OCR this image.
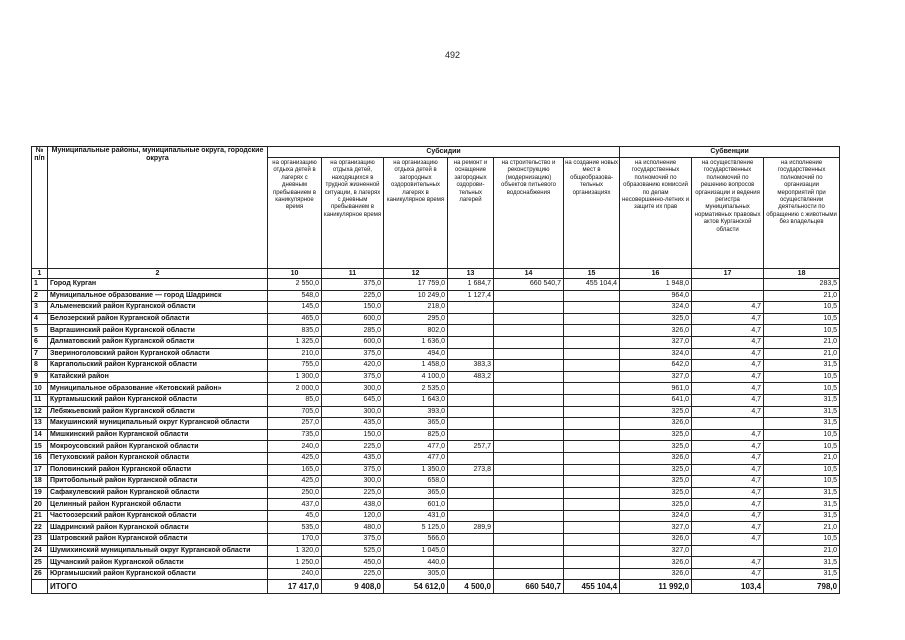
492
№ п/п	Муниципальные районы, муниципальные округа, городские округа	Субсидии						Субвенции		
		на организацию отдыха детей в лагерях с дневным пребыванием в каникулярное время	на организацию отдыха детей, находящихся в трудной жизненной ситуации, в лагерях с дневным пребыванием в каникулярное время	на организацию отдыха детей в загородных оздоровительных лагерях в каникулярное время	на ремонт и оснащение загородных оздорови-тельных лагерей	на строительство и реконструкцию (модернизацию) объектов питьевого водоснабжения	на создание новых мест в общеобразова-тельных организациях	на исполнение государственных полномочий по образованию комиссий по делам несовершенно-летних и защите их прав	на осуществление государственных полномочий по решению вопросов организации и ведения регистра муниципальных нормативных правовых актов Курганской области	на исполнение государственных полномочий по организации мероприятий при осуществлении деятельности по обращению с животными без владельцев
1	2	10	11	12	13	14	15	16	17	18
1	Город Курган	2 550,0	375,0	17 759,0	1 684,7	660 540,7	455 104,4	1 948,0		283,5
2	Муниципальное образование — город Шадринск	548,0	225,0	10 249,0	1 127,4			964,0		21,0
3	Альменевский район Курганской области	145,0	150,0	218,0				324,0	4,7	10,5
4	Белозерский район Курганской области	465,0	600,0	295,0				325,0	4,7	10,5
5	Варгашинский район Курганской области	835,0	285,0	802,0				326,0	4,7	10,5
6	Далматовский район Курганской области	1 325,0	600,0	1 636,0				327,0	4,7	21,0
7	Звериноголовский район Курганской области	210,0	375,0	494,0				324,0	4,7	21,0
8	Каргапольский район Курганской области	755,0	420,0	1 458,0	383,3			642,0	4,7	31,5
9	Катайский район	1 300,0	375,0	4 100,0	483,2			327,0	4,7	10,5
10	Муниципальное образование «Кетовский район»	2 000,0	300,0	2 535,0				961,0	4,7	10,5
11	Куртамышский район Курганской области	85,0	645,0	1 643,0				641,0	4,7	31,5
12	Лебяжьевский район Курганской области	705,0	300,0	393,0				325,0	4,7	31,5
13	Макушинский муниципальный округ Курганской области	257,0	435,0	365,0				326,0		31,5
14	Мишкинский район Курганской области	735,0	150,0	825,0				325,0	4,7	10,5
15	Мокроусовский район Курганской области	240,0	225,0	477,0	257,7			325,0	4,7	10,5
16	Петуховский район Курганской области	425,0	435,0	477,0				326,0	4,7	21,0
17	Половинский район Курганской области	165,0	375,0	1 350,0	273,8			325,0	4,7	10,5
18	Притобольный район Курганской области	425,0	300,0	658,0				325,0	4,7	10,5
19	Сафакулевский район Курганской области	250,0	225,0	365,0				325,0	4,7	31,5
20	Целинный район Курганской области	437,0	438,0	601,0				325,0	4,7	31,5
21	Частоозерский район Курганской области	45,0	120,0	431,0				324,0	4,7	31,5
22	Шадринский район Курганской области	535,0	480,0	5 125,0	289,9			327,0	4,7	21,0
23	Шатровский район Курганской области	170,0	375,0	566,0				326,0	4,7	10,5
24	Шумихинский муниципальный округ Курганской области	1 320,0	525,0	1 045,0				327,0		21,0
25	Щучанский район Курганской области	1 250,0	450,0	440,0				326,0	4,7	31,5
26	Юргамышский район Курганской области	240,0	225,0	305,0				326,0	4,7	31,5
	ИТОГО	17 417,0	9 408,0	54 612,0	4 500,0	660 540,7	455 104,4	11 992,0	103,4	798,0
